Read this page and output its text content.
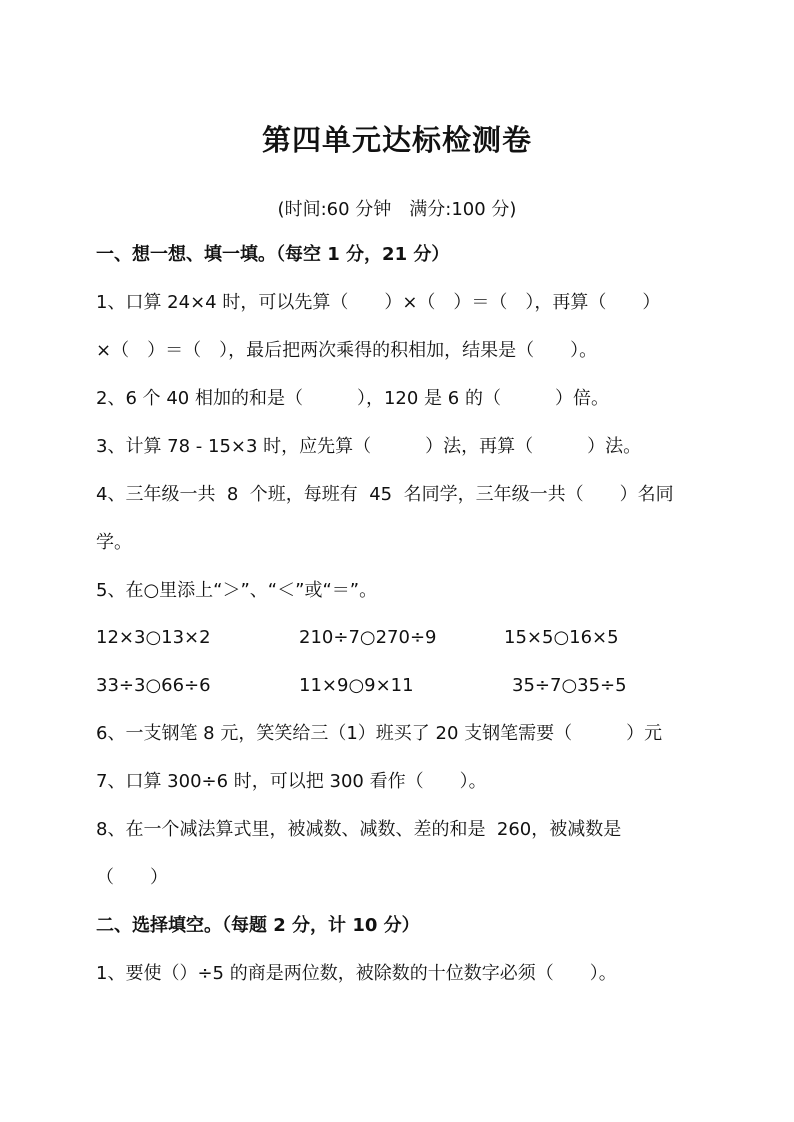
第四单元达标检测卷
(时间:60 分钟　满分:100 分)
一、想一想、填一填。（每空 1 分，21 分）
1、口算 24×4 时，可以先算（　　）×（　）＝（　），再算（　　）
×（　）＝（　），最后把两次乘得的积相加，结果是（　　）。
2、6 个 40 相加的和是（　　　），120 是 6 的（　　　）倍。
3、计算 78 - 15×3 时，应先算（　　　）法，再算（　　　）法。
4、三年级一共  8  个班，每班有  45  名同学，三年级一共（　　）名同
学。
5、在○里添上“＞”、“＜”或“＝”。
12×3○13×2	210÷7○270÷9	15×5○16×5
33÷3○66÷6	11×9○9×11	35÷7○35÷5
6、一支钢笔 8 元，笑笑给三（1）班买了 20 支钢笔需要（　　　）元
7、口算 300÷6 时，可以把 300 看作（　　）。
8、在一个减法算式里，被减数、减数、差的和是  260，被减数是
（　　）
二、选择填空。（每题 2 分，计 10 分）
1、要使（）÷5 的商是两位数，被除数的十位数字必须（　　）。
